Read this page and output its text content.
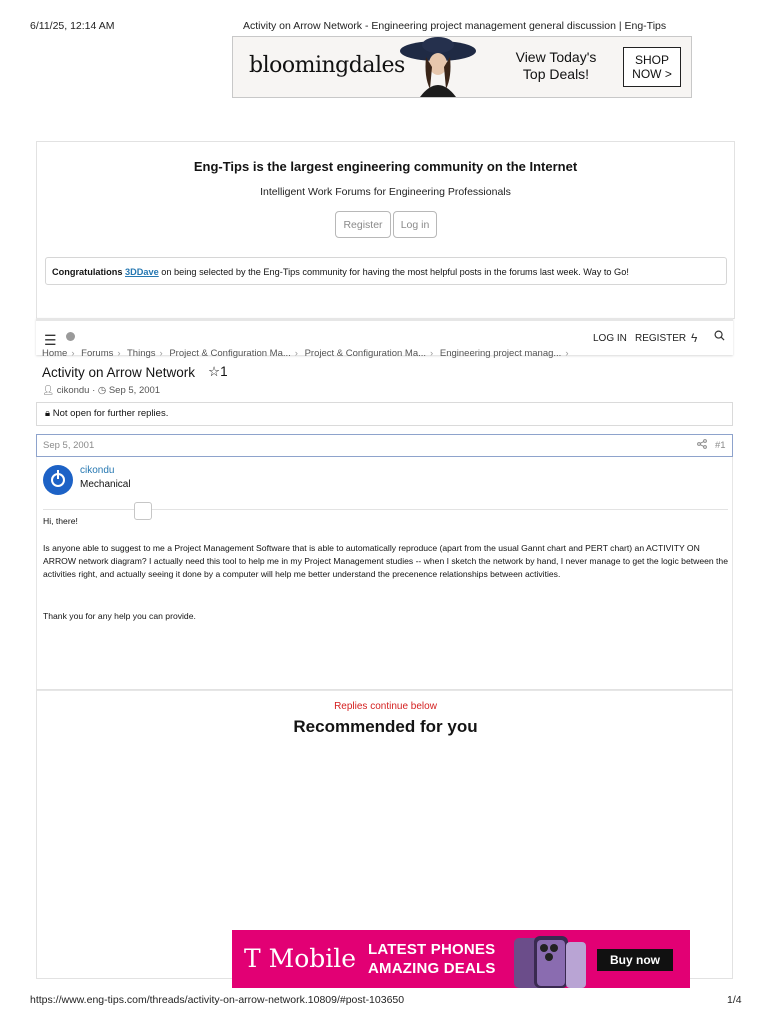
6/11/25, 12:14 AM	Activity on Arrow Network - Engineering project management general discussion | Eng-Tips
bloomingdales	View Today's
Top Deals!
SHOP
NOW >
Eng-Tips is the largest engineering community on the Internet
Intelligent Work Forums for Engineering Professionals
Register	Log in
Congratulations 3DDave on being selected by the Eng-Tips community for having the most helpful posts in the forums last week. Way to Go!
☰	LOG IN REGISTER ϟ
Home › Forums › Things › Project & Configuration Ma... › Project & Configuration Ma... › Engineering project manag... ›
Activity on Arrow Network ☆1
👤︎ cikondu · ◷ Sep 5, 2001
🔒︎ Not open for further replies.
Sep 5, 2001	#1
cikondu
Mechanical
Hi, there!
Is anyone able to suggest to me a Project Management Software that is able to automatically reproduce (apart from the usual Gannt chart and PERT chart) an ACTIVITY ON ARROW network diagram? I actually need this tool to help me in my Project Management studies -- when I sketch the network by hand, I never manage to get the logic between the activities right, and actually seeing it done by a computer will help me better understand the precenence relationships between activities.
Thank you for any help you can provide.
Replies continue below
Recommended for you
T Mobile LATEST PHONES
AMAZING DEALS	Buy now
https://www.eng-tips.com/threads/activity-on-arrow-network.10809/#post-103650	1/4
